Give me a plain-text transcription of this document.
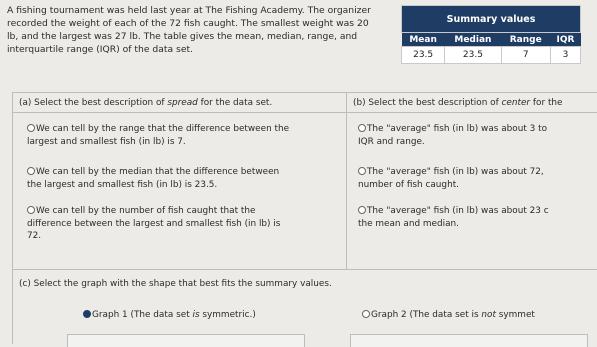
A fishing tournament was held last year at The Fishing Academy. The organizer
recorded the weight of each of the 72 fish caught. The smallest weight was 20
lb, and the largest was 27 lb. The table gives the mean, median, range, and
interquartile range (IQR) of the data set.
Summary values			
Mean	Median	Range	IQR
23.5	23.5	7	3
(a) Select the best description of spread for the data set.
We can tell by the range that the difference between the
largest and smallest fish (in lb) is 7.
We can tell by the median that the difference between
the largest and smallest fish (in lb) is 23.5.
We can tell by the number of fish caught that the
difference between the largest and smallest fish (in lb) is
72.
(b) Select the best description of center for the
The "average" fish (in lb) was about 3 to
IQR and range.
The "average" fish (in lb) was about 72,
number of fish caught.
The "average" fish (in lb) was about 23 c
the mean and median.
(c) Select the graph with the shape that best fits the summary values.
Graph 1 (The data set is symmetric.)	Graph 2 (The data set is not symmet
